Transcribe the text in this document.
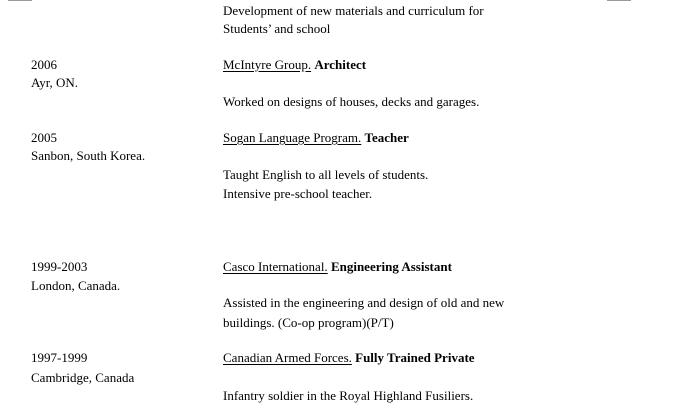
Development of new materials and curriculum for
Students’ and school
2006
Ayr, ON.
McIntyre Group. Architect
Worked on designs of houses, decks and garages.
2005
Sanbon, South Korea.
Sogan Language Program. Teacher
Taught English to all levels of students.
Intensive pre-school teacher.
1999-2003
London, Canada.
Casco International. Engineering Assistant
Assisted in the engineering and design of old and new
buildings. (Co-op program)(P/T)
1997-1999
Cambridge, Canada
Canadian Armed Forces. Fully Trained Private
Infantry soldier in the Royal Highland Fusiliers.
